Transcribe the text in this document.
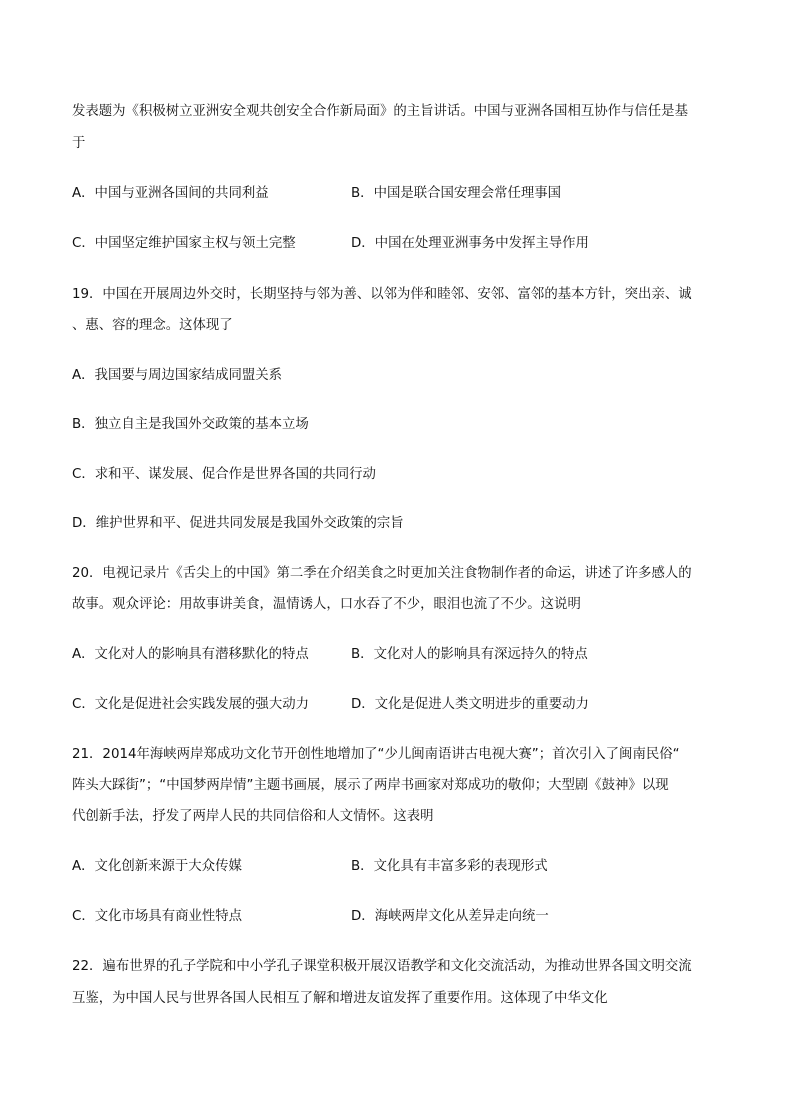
发表题为《积极树立亚洲安全观共创安全合作新局面》的主旨讲话。中国与亚洲各国相互协作与信任是基
于
A．中国与亚洲各国间的共同利益	B．中国是联合国安理会常任理事国
C．中国坚定维护国家主权与领土完整	D．中国在处理亚洲事务中发挥主导作用
19．中国在开展周边外交时，长期坚持与邻为善、以邻为伴和睦邻、安邻、富邻的基本方针，突出亲、诚
、惠、容的理念。这体现了
A．我国要与周边国家结成同盟关系
B．独立自主是我国外交政策的基本立场
C．求和平、谋发展、促合作是世界各国的共同行动
D．维护世界和平、促进共同发展是我国外交政策的宗旨
20．电视记录片《舌尖上的中国》第二季在介绍美食之时更加关注食物制作者的命运，讲述了许多感人的
故事。观众评论：用故事讲美食，温情诱人，口水吞了不少，眼泪也流了不少。这说明
A．文化对人的影响具有潜移默化的特点	B．文化对人的影响具有深远持久的特点
C．文化是促进社会实践发展的强大动力	D．文化是促进人类文明进步的重要动力
21．2014年海峡两岸郑成功文化节开创性地增加了“少儿闽南语讲古电视大赛”；首次引入了闽南民俗“
阵头大踩街”；“中国梦两岸情”主题书画展，展示了两岸书画家对郑成功的敬仰；大型剧《鼓神》以现
代创新手法，抒发了两岸人民的共同信俗和人文情怀。这表明
A．文化创新来源于大众传媒	B．文化具有丰富多彩的表现形式
C．文化市场具有商业性特点	D．海峡两岸文化从差异走向统一
22．遍布世界的孔子学院和中小学孔子课堂积极开展汉语教学和文化交流活动，为推动世界各国文明交流
互鉴，为中国人民与世界各国人民相互了解和增进友谊发挥了重要作用。这体现了中华文化
